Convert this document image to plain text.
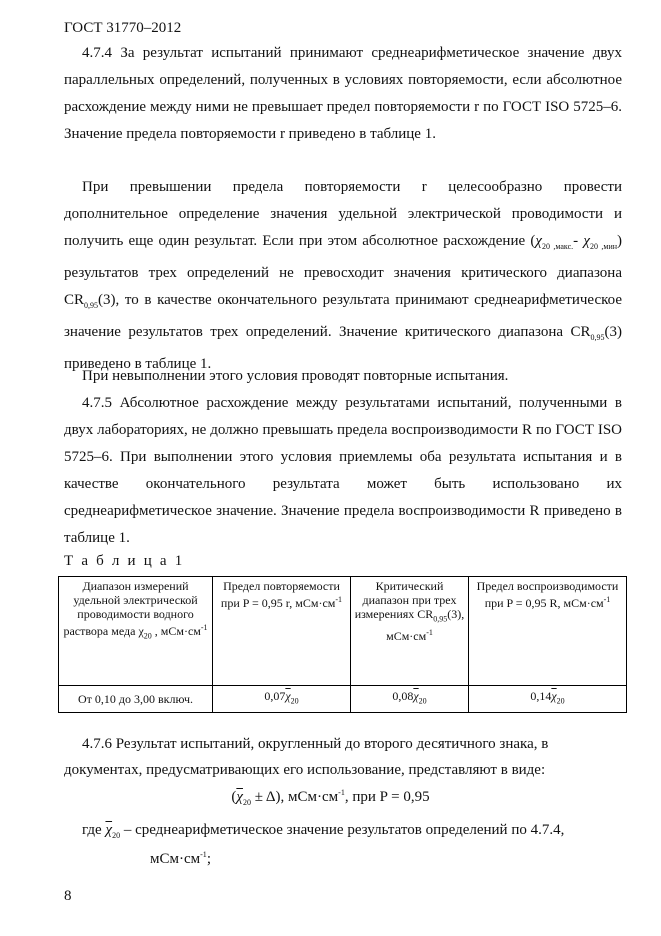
ГОСТ 31770–2012

4.7.4 За результат испытаний принимают среднеарифметическое значение двух параллельных определений, полученных в условиях повторяемости, если абсолютное расхождение между ними не превышает предел повторяемости r по ГОСТ ISO 5725–6. Значение предела повторяемости r приведено в таблице 1.

При превышении предела повторяемости r целесообразно провести дополнительное определение значения удельной электрической проводимости и получить еще один результат. Если при этом абсолютное расхождение ($\chi_{20 ,макс.}-$ $\chi_{20 ,мин}$) результатов трех определений не превосходит значения критического диапазона $CR_{0,95}(3)$, то в качестве окончательного результата принимают среднеарифметическое значение результатов трех определений. Значение критического диапазона $CR_{0,95}(3)$ приведено в таблице 1.

При невыполнении этого условия проводят повторные испытания.

4.7.5 Абсолютное расхождение между результатами испытаний, полученными в двух лабораториях, не должно превышать предела воспроизводимости R по ГОСТ ISO 5725–6. При выполнении этого условия приемлемы оба результата испытания и в качестве окончательного результата может быть использовано их среднеарифметическое значение. Значение предела воспроизводимости R приведено в таблице 1.

Т а б л и ц а 1
Диапазон измерений удельной электрической проводимости водного раствора меда $\chi_{20}$ , $мСм\cdot см^{-1}$	Предел повторяемости при P = 0,95 r, $мСм\cdot см^{-1}$	Критический диапазон при трех измерениях $CR_{0,95}(3)$, $мСм\cdot см^{-1}$	Предел воспроизводимости при P = 0,95 R, $мСм\cdot см^{-1}$
От 0,10 до 3,00 включ.	$0,07\overline{\chi}_{20}$	$0,08\overline{\chi}_{20}$	$0,14\overline{\chi}_{20}$
4.7.6 Результат испытаний, округленный до второго десятичного знака, в
документах, предусматривающих его использование, представляют в виде:
$(\overline{\chi}_{20} \pm \Delta)$, $мСм\cdot см^{-1}$, при P = 0,95
где $\overline{\chi}_{20}$ – среднеарифметическое значение результатов определений по 4.7.4,
$мСм\cdot см^{-1}$;
8
